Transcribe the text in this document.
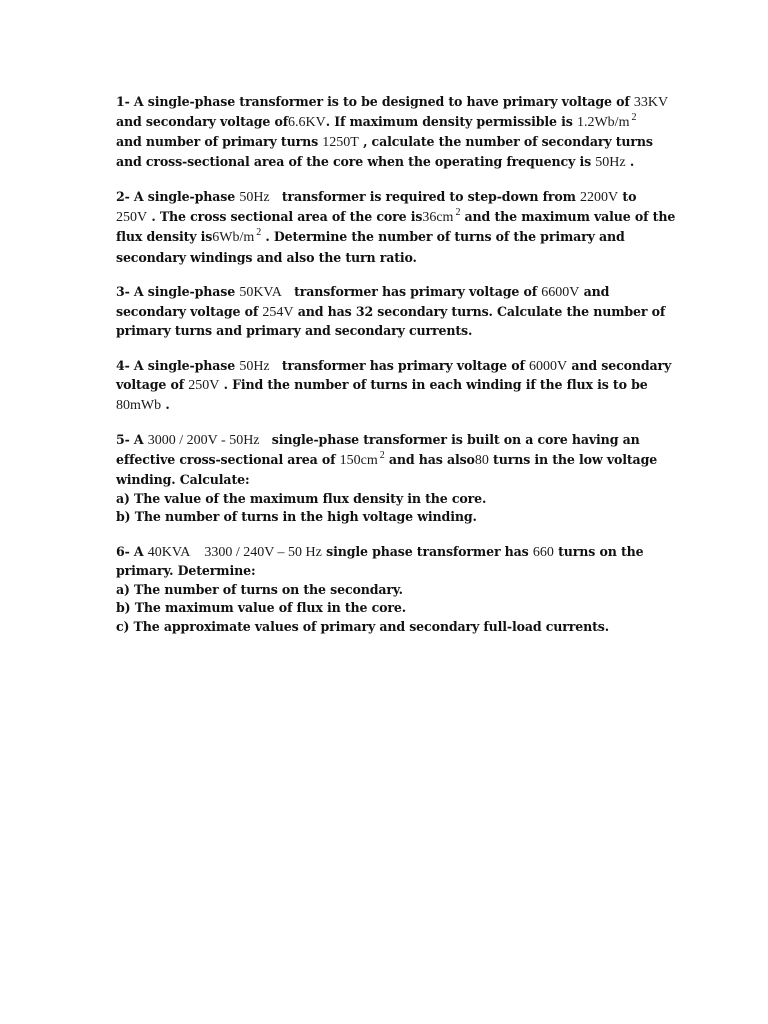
1- A single-phase transformer is to be designed to have primary voltage of 33KV
and secondary voltage of6.6KV. If maximum density permissible is 1.2Wb/m $^2$
and number of primary turns 1250T , calculate the number of secondary turns
and cross-sectional area of the core when the operating frequency is 50Hz .
2- A single-phase 50Hz transformer is required to step-down from 2200V to
250V . The cross sectional area of the core is36cm $^2$ and the maximum value of the
flux density is6Wb/m $^2$ . Determine the number of turns of the primary and
secondary windings and also the turn ratio.
3- A single-phase 50KVA transformer has primary voltage of 6600V and
secondary voltage of 254V and has 32 secondary turns. Calculate the number of
primary turns and primary and secondary currents.
4- A single-phase 50Hz transformer has primary voltage of 6000V and secondary
voltage of 250V . Find the number of turns in each winding if the flux is to be
80mWb .
5- A 3000 / 200V - 50Hz single-phase transformer is built on a core having an
effective cross-sectional area of 150cm $^2$ and has also80 turns in the low voltage
winding. Calculate:
a) The value of the maximum flux density in the core.
b) The number of turns in the high voltage winding.
6- A 40KVA 3300 / 240V – 50 Hz single phase transformer has 660 turns on the
primary. Determine:
a) The number of turns on the secondary.
b) The maximum value of flux in the core.
c) The approximate values of primary and secondary full-load currents.
